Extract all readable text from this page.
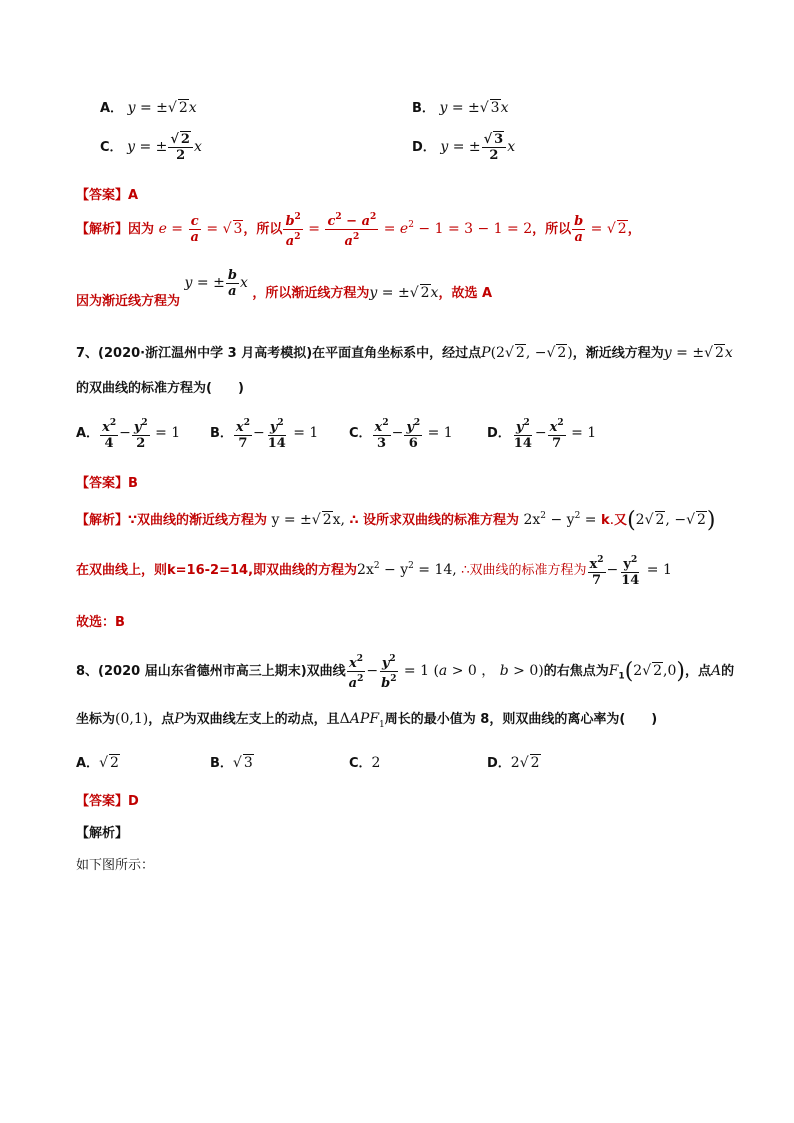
A． y = ±√ 2x	B． y = ±√ 3x
C． y = ± $\frac{√ 2}{2}$ x	D． y = ± $\frac{√ 3}{2}$ x
【答案】A
【解析】因为 $e = \frac{c}{a}$ = √ 3，所以 $\frac{b^2}{a^2} = \frac{c^2 - a^2}{a^2} = e^2 - 1 = 3 - 1 = 2$，所以 $\frac{b}{a}$ = √ 2，
因为渐近线方程为 y = ± $\frac{b}{a}$ x ，所以渐近线方程为y = ±√ 2x，故选 A
7、(2020·浙江温州中学 3 月高考模拟)在平面直角坐标系中，经过点P(2√ 2, −√ 2)，渐近线方程为y = ±√ 2x
的双曲线的标准方程为(　　)
A． $\frac{x^2}{4} - \frac{y^2}{2} = 1$ B． $\frac{x^2}{7} - \frac{y^2}{14} = 1$ C． $\frac{x^2}{3} - \frac{y^2}{6} = 1$	D． $\frac{y^2}{14} - \frac{x^2}{7} = 1$
【答案】B
【解析】∵双曲线的渐近线方程为 y = ±√ 2x, ∴ 设所求双曲线的标准方程为 $2x^2 - y^2 = k$.又(2√ 2, −√ 2)
在双曲线上，则k=16-2=14,即双曲线的方程为$2x^2 - y^2 = 14$, ∴双曲线的标准方程为 $\frac{x^2}{7} - \frac{y^2}{14} = 1$
故选：B
8、(2020 届山东省德州市高三上期末)双曲线 $\frac{x^2}{a^2} - \frac{y^2}{b^2} = 1$ (a > 0 ， b > 0)的右焦点为$F_1(2√$ 2,0)，点A的
坐标为(0,1)，点P为双曲线左支上的动点，且$\Delta APF_1$周长的最小值为 8，则双曲线的离心率为(　　)
A．√ 2	B．√ 3	C．2	D．2√ 2
【答案】D
【解析】
如下图所示：
